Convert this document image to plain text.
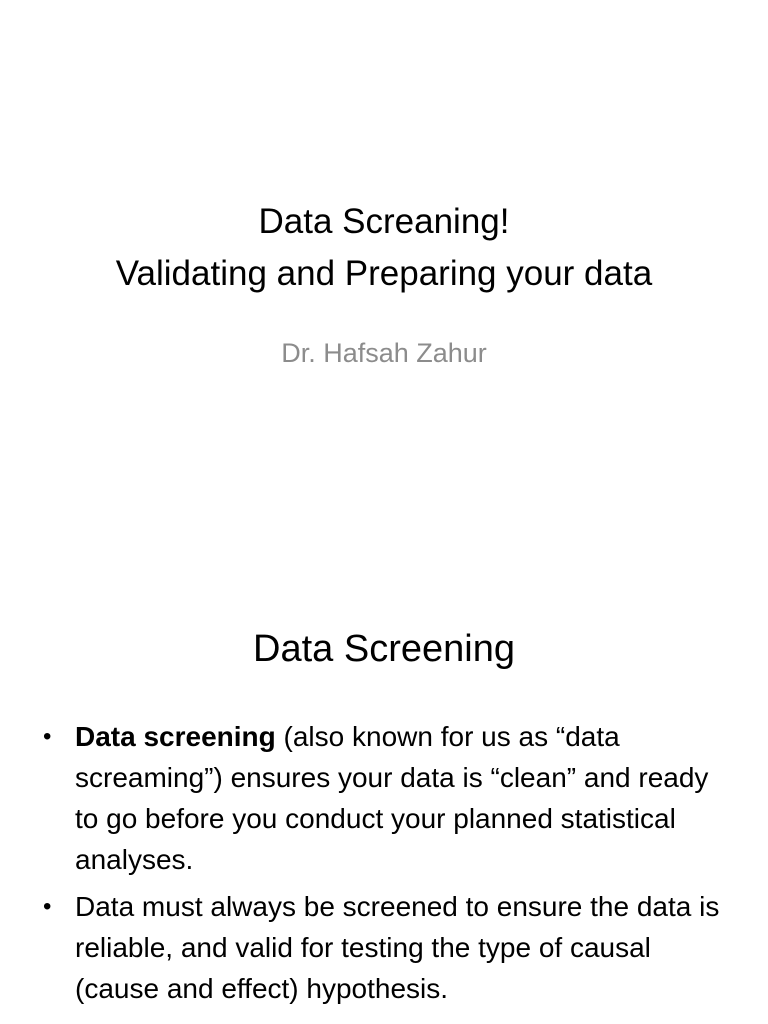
Data Screaning!
Validating and Preparing your data
Dr. Hafsah Zahur
Data Screening
• Data screening (also known for us as “data screaming”) ensures your data is “clean” and ready to go before you conduct your planned statistical analyses.
• Data must always be screened to ensure the data is reliable, and valid for testing the type of causal (cause and effect) hypothesis.
